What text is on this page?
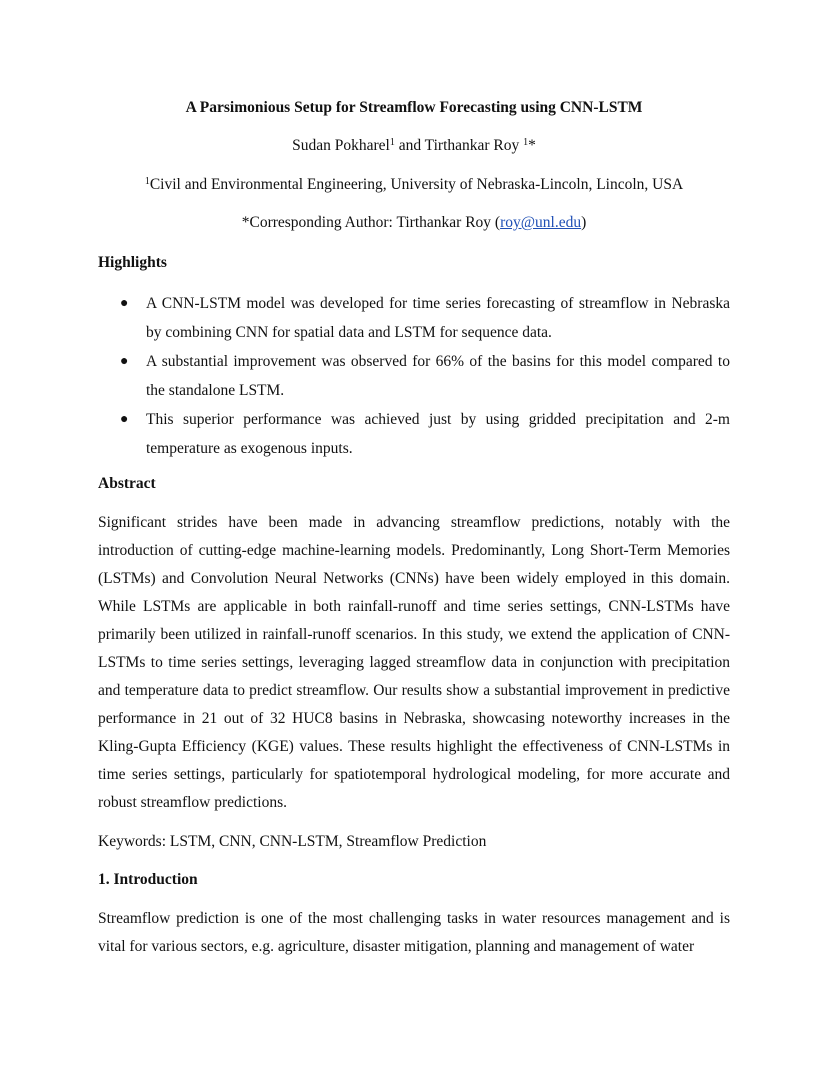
A Parsimonious Setup for Streamflow Forecasting using CNN-LSTM
Sudan Pokharel$^1$ and Tirthankar Roy $^1$*
$^1$Civil and Environmental Engineering, University of Nebraska-Lincoln, Lincoln, USA
*Corresponding Author: Tirthankar Roy (roy@unl.edu)
Highlights
● A CNN-LSTM model was developed for time series forecasting of streamflow in Nebraska by combining CNN for spatial data and LSTM for sequence data.
● A substantial improvement was observed for 66% of the basins for this model compared to the standalone LSTM.
● This superior performance was achieved just by using gridded precipitation and 2-m temperature as exogenous inputs.
Abstract

Significant strides have been made in advancing streamflow predictions, notably with the introduction of cutting-edge machine-learning models. Predominantly, Long Short-Term Memories (LSTMs) and Convolution Neural Networks (CNNs) have been widely employed in this domain. While LSTMs are applicable in both rainfall-runoff and time series settings, CNN-LSTMs have primarily been utilized in rainfall-runoff scenarios. In this study, we extend the application of CNN-LSTMs to time series settings, leveraging lagged streamflow data in conjunction with precipitation and temperature data to predict streamflow. Our results show a substantial improvement in predictive performance in 21 out of 32 HUC8 basins in Nebraska, showcasing noteworthy increases in the Kling-Gupta Efficiency (KGE) values. These results highlight the effectiveness of CNN-LSTMs in time series settings, particularly for spatiotemporal hydrological modeling, for more accurate and robust streamflow predictions.

Keywords: LSTM, CNN, CNN-LSTM, Streamflow Prediction

1. Introduction

Streamflow prediction is one of the most challenging tasks in water resources management and is vital for various sectors, e.g. agriculture, disaster mitigation, planning and management of water
